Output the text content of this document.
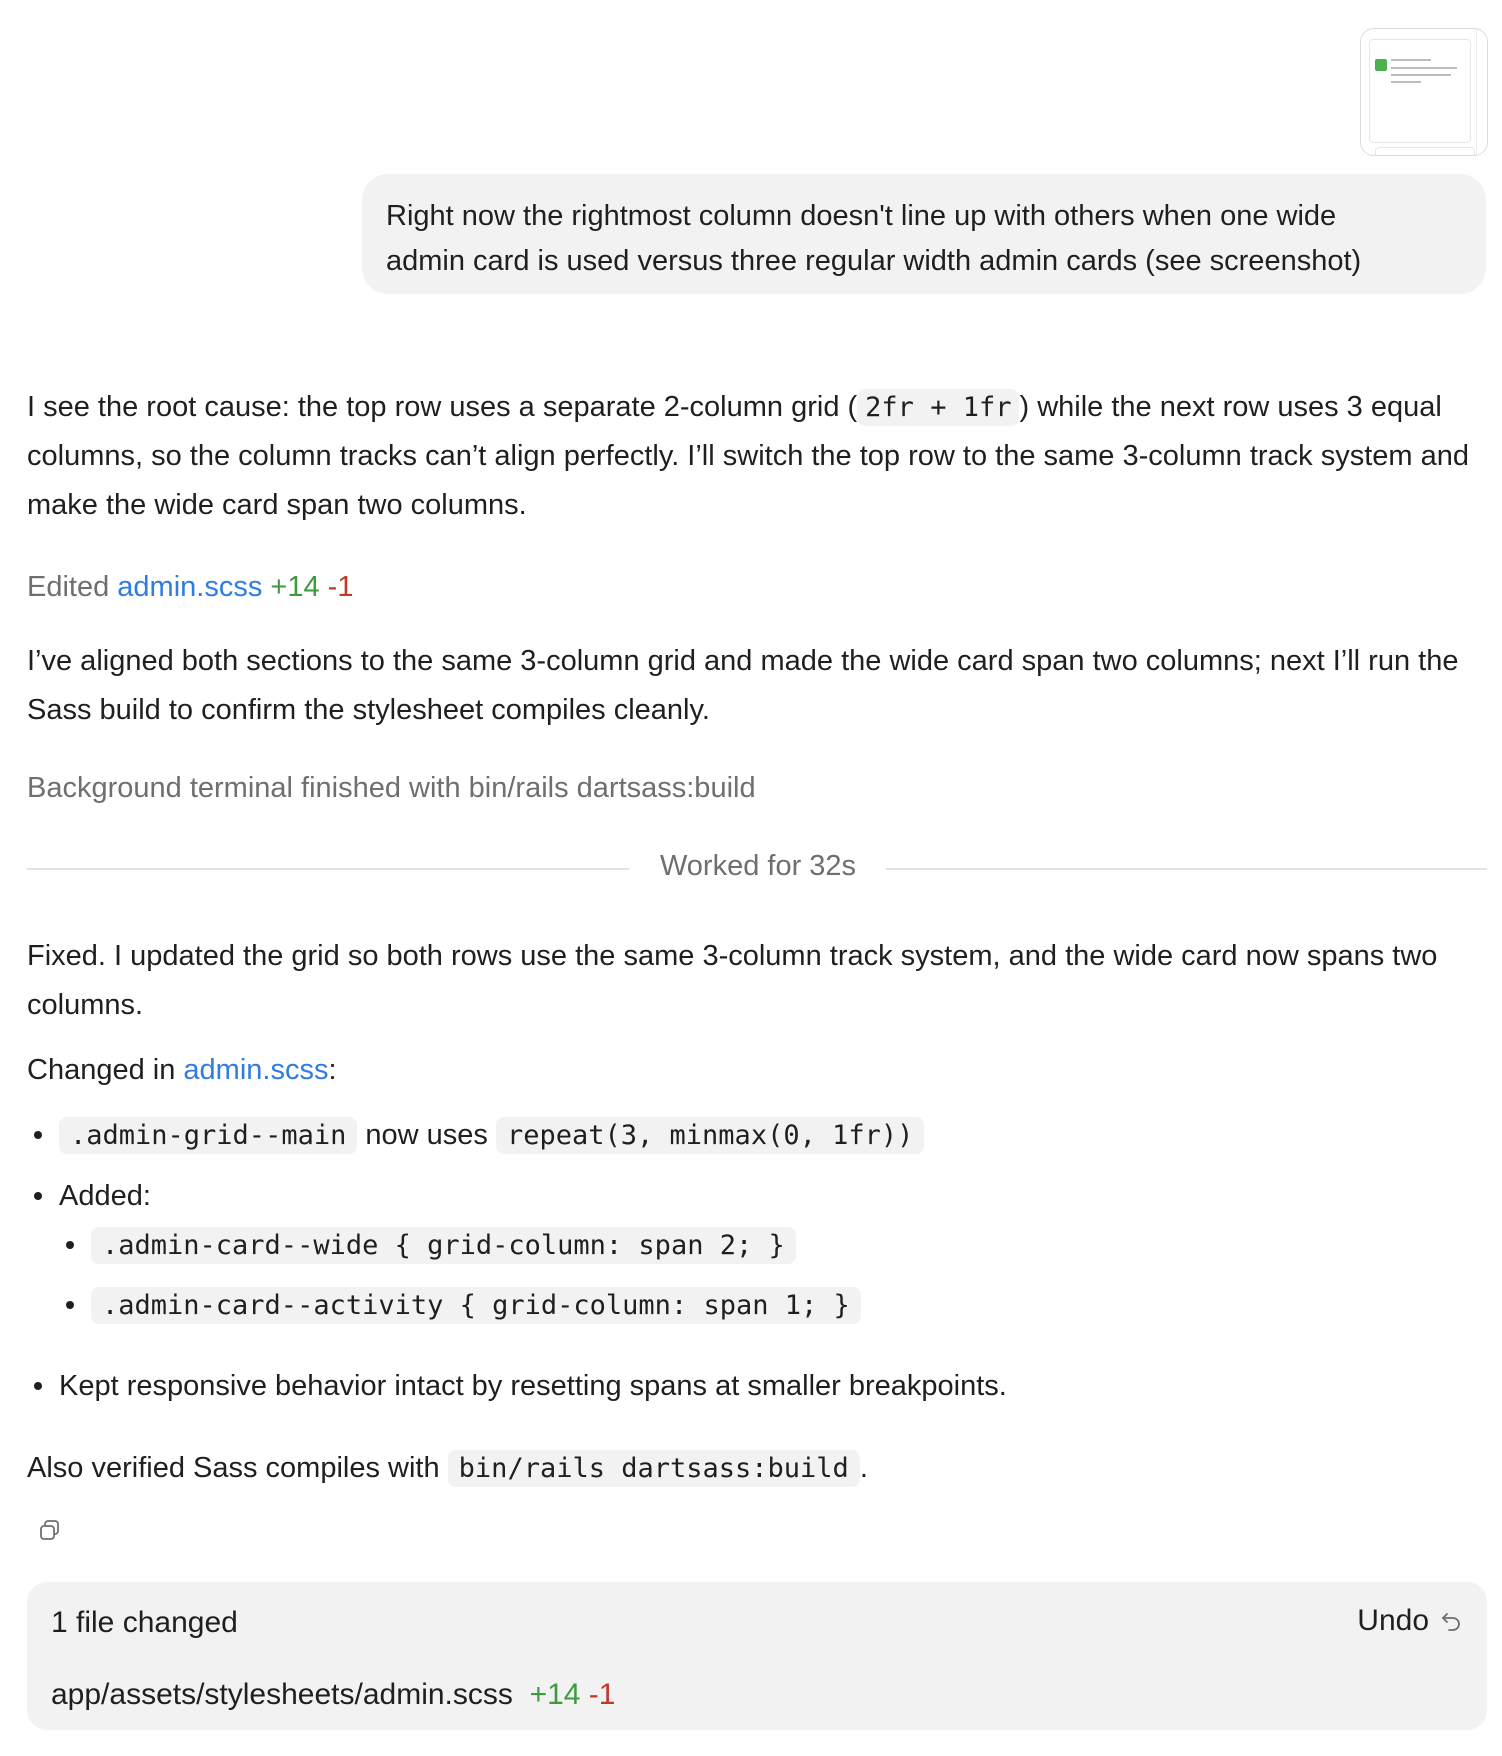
Right now the rightmost column doesn't line up with others when one wide
admin card is used versus three regular width admin cards (see screenshot)
I see the root cause: the top row uses a separate 2-column grid ( 2fr + 1fr ) while the next row uses 3 equal columns, so the column tracks can’t align perfectly. I’ll switch the top row to the same 3-column track system and make the wide card span two columns.
Edited admin.scss +14 -1
I’ve aligned both sections to the same 3-column grid and made the wide card span two columns; next I’ll run the Sass build to confirm the stylesheet compiles cleanly.
Background terminal finished with bin/rails dartsass:build
Worked for 32s
Fixed. I updated the grid so both rows use the same 3-column track system, and the wide card now spans two columns.
Changed in admin.scss:
.admin-grid--main now uses repeat(3, minmax(0, 1fr))
Added:
.admin-card--wide { grid-column: span 2; }
.admin-card--activity { grid-column: span 1; }
Kept responsive behavior intact by resetting spans at smaller breakpoints.
Also verified Sass compiles with bin/rails dartsass:build .
1 file changed	Undo
app/assets/stylesheets/admin.scss +14 -1
